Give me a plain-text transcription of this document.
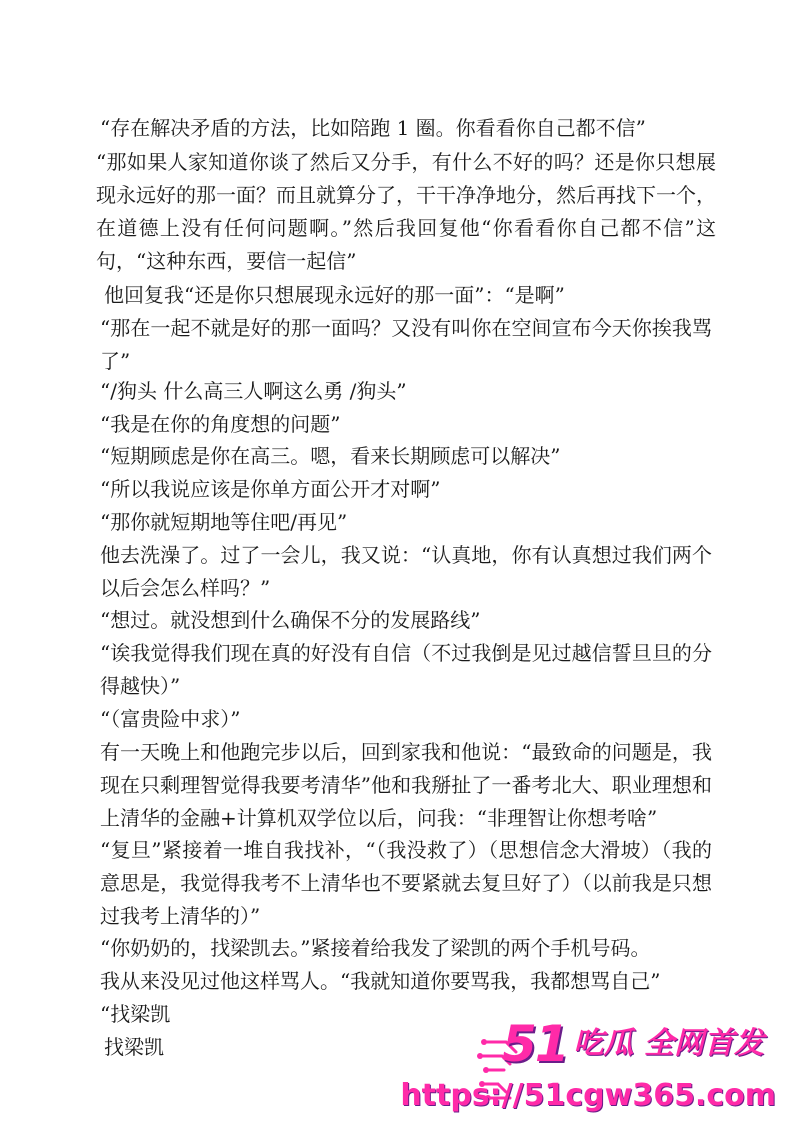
“存在解决矛盾的方法，比如陪跑 1 圈。你看看你自己都不信”

“那如果人家知道你谈了然后又分手，有什么不好的吗？还是你只想展现永远好的那一面？而且就算分了，干干净净地分，然后再找下一个，在道德上没有任何问题啊。”然后我回复他“你看看你自己都不信”这句，“这种东西，要信一起信”

他回复我“还是你只想展现永远好的那一面”：“是啊”

“那在一起不就是好的那一面吗？又没有叫你在空间宣布今天你挨我骂了”

“/狗头 什么高三人啊这么勇 /狗头”

“我是在你的角度想的问题”

“短期顾虑是你在高三。嗯，看来长期顾虑可以解决”

“所以我说应该是你单方面公开才对啊”

“那你就短期地等住吧/再见”

他去洗澡了。过了一会儿，我又说：“认真地，你有认真想过我们两个以后会怎么样吗？”

“想过。就没想到什么确保不分的发展路线”

“诶我觉得我们现在真的好没有自信（不过我倒是见过越信誓旦旦的分得越快）”

“（富贵险中求）”

有一天晚上和他跑完步以后，回到家我和他说：“最致命的问题是，我现在只剩理智觉得我要考清华”他和我掰扯了一番考北大、职业理想和上清华的金融+计算机双学位以后，问我：“非理智让你想考啥”

“复旦”紧接着一堆自我找补，“（我没救了）（思想信念大滑坡）（我的意思是，我觉得我考不上清华也不要紧就去复旦好了）（以前我是只想过我考上清华的）”

“你奶奶的，找梁凯去。”紧接着给我发了梁凯的两个手机号码。

我从来没见过他这样骂人。“我就知道你要骂我，我都想骂自己”

“找梁凯

找梁凯	51 吃瓜 全网首发
https://51cgw365.com
